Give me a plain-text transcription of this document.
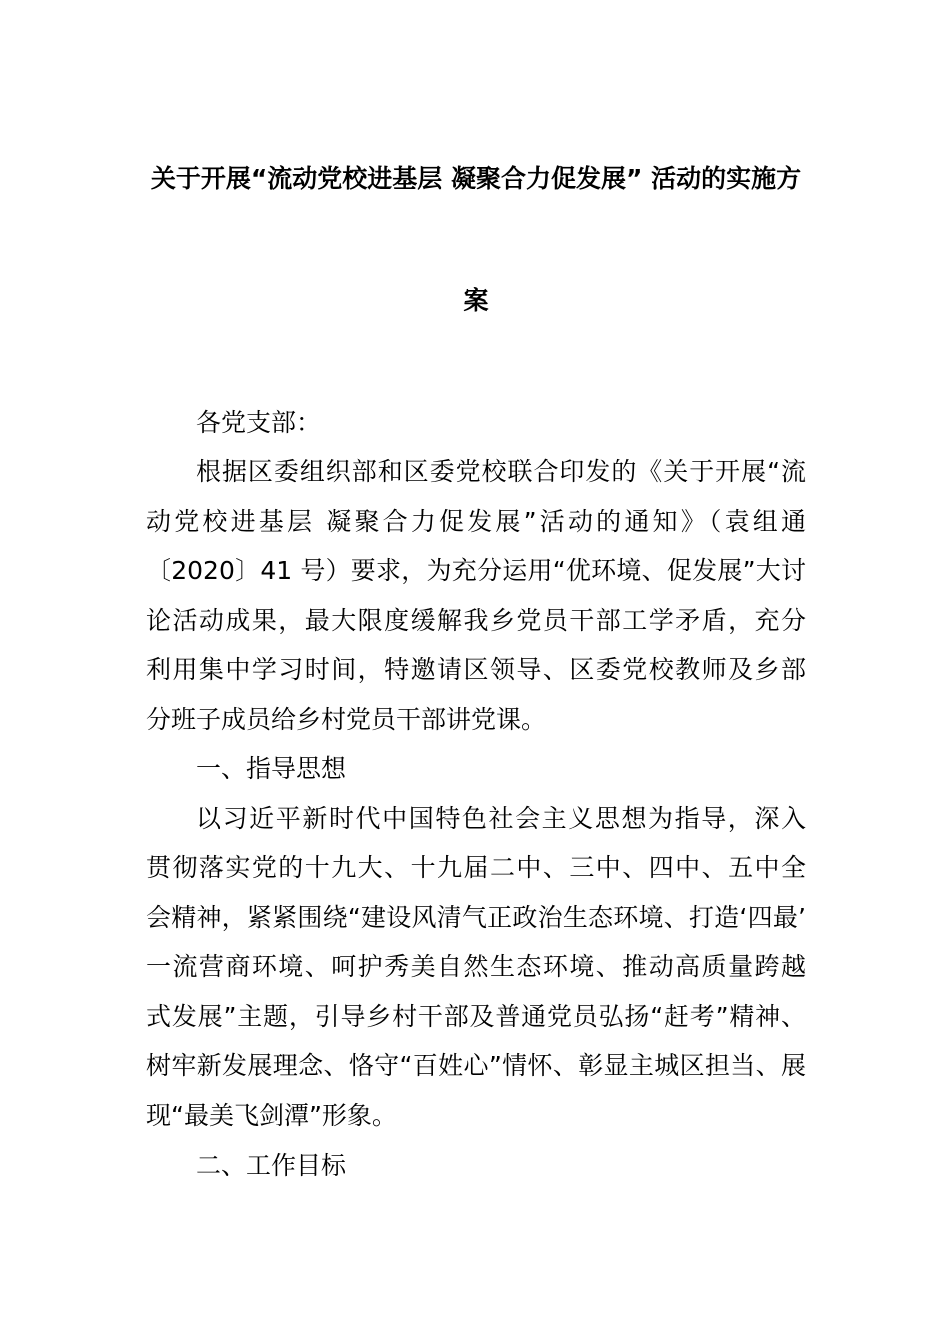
关于开展“流动党校进基层 凝聚合力促发展” 活动的实施方
案
各党支部：
根据区委组织部和区委党校联合印发的《关于开展“流
动党校进基层 凝聚合力促发展”活动的通知》（袁组通
〔2020〕41 号）要求，为充分运用“优环境、促发展”大讨
论活动成果，最大限度缓解我乡党员干部工学矛盾，充分
利用集中学习时间，特邀请区领导、区委党校教师及乡部
分班子成员给乡村党员干部讲党课。
一、指导思想
以习近平新时代中国特色社会主义思想为指导，深入
贯彻落实党的十九大、十九届二中、三中、四中、五中全
会精神，紧紧围绕“建设风清气正政治生态环境、打造‘四最’
一流营商环境、呵护秀美自然生态环境、推动高质量跨越
式发展”主题，引导乡村干部及普通党员弘扬“赶考”精神、
树牢新发展理念、恪守“百姓心”情怀、彰显主城区担当、展
现“最美飞剑潭”形象。
二、工作目标
